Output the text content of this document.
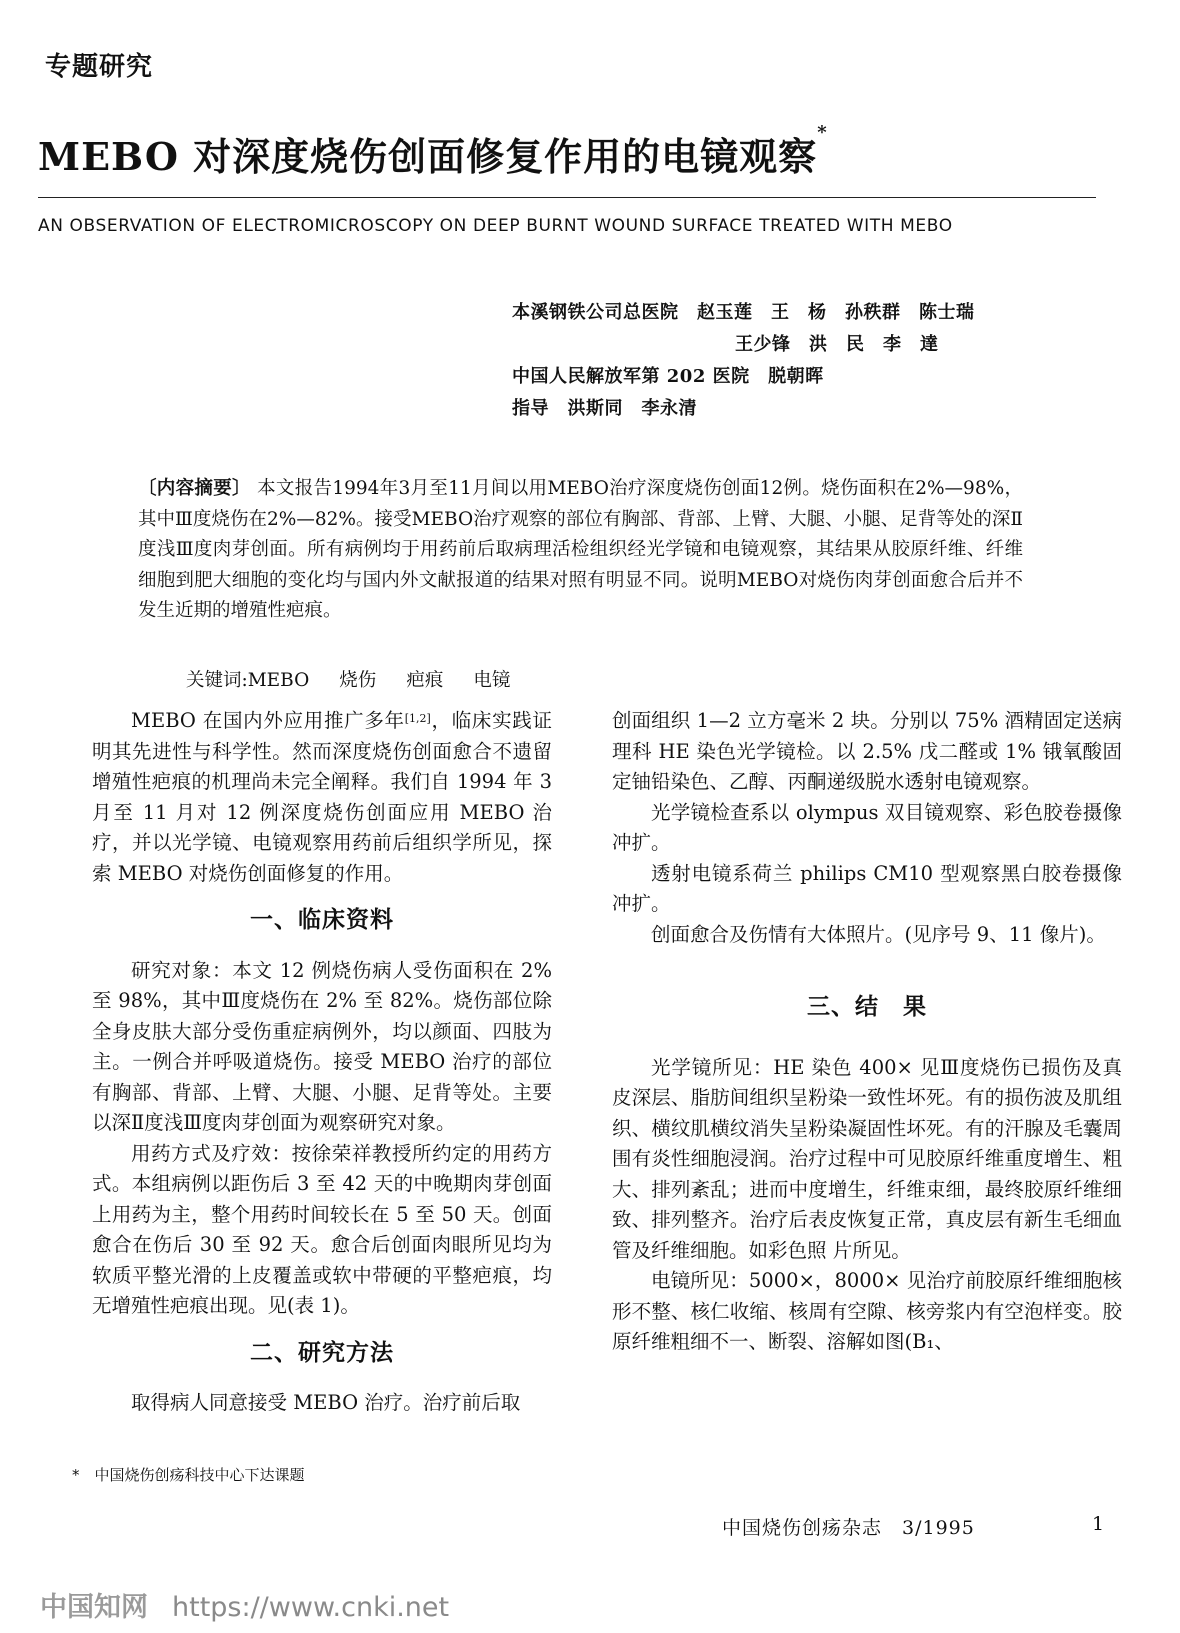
专题研究
MEBO 对深度烧伤创面修复作用的电镜观察*
AN OBSERVATION OF ELECTROMICROSCOPY ON DEEP BURNT WOUND SURFACE TREATED WITH MEBO
本溪钢铁公司总医院　赵玉莲　王　杨　孙秩群　陈士瑞
王少锋　洪　民　李　達
中国人民解放军第 202 医院　脱朝晖
指导　洪斯同　李永清
〔内容摘要〕 本文报告1994年3月至11月间以用MEBO治疗深度烧伤创面12例。烧伤面积在2%—98%，其中Ⅲ度烧伤在2%—82%。接受MEBO治疗观察的部位有胸部、背部、上臂、大腿、小腿、足背等处的深Ⅱ度浅Ⅲ度肉芽创面。所有病例均于用药前后取病理活检组织经光学镜和电镜观察，其结果从胶原纤维、纤维细胞到肥大细胞的变化均与国内外文献报道的结果对照有明显不同。说明MEBO对烧伤肉芽创面愈合后并不发生近期的增殖性疤痕。
关键词:MEBO 烧伤 疤痕 电镜

MEBO 在国内外应用推广多年[1,2]，临床实践证明其先进性与科学性。然而深度烧伤创面愈合不遗留增殖性疤痕的机理尚未完全阐释。我们自 1994 年 3 月至 11 月对 12 例深度烧伤创面应用 MEBO 治疗，并以光学镜、电镜观察用药前后组织学所见，探索 MEBO 对烧伤创面修复的作用。

一、临床资料

研究对象：本文 12 例烧伤病人受伤面积在 2% 至 98%，其中Ⅲ度烧伤在 2% 至 82%。烧伤部位除全身皮肤大部分受伤重症病例外，均以颜面、四肢为主。一例合并呼吸道烧伤。接受 MEBO 治疗的部位有胸部、背部、上臂、大腿、小腿、足背等处。主要以深Ⅱ度浅Ⅲ度肉芽创面为观察研究对象。

用药方式及疗效：按徐荣祥教授所约定的用药方式。本组病例以距伤后 3 至 42 天的中晚期肉芽创面上用药为主，整个用药时间较长在 5 至 50 天。创面愈合在伤后 30 至 92 天。愈合后创面肉眼所见均为软质平整光滑的上皮覆盖或软中带硬的平整疤痕，均无增殖性疤痕出现。见(表 1)。

二、研究方法

取得病人同意接受 MEBO 治疗。治疗前后取

创面组织 1—2 立方毫米 2 块。分别以 75% 酒精固定送病理科 HE 染色光学镜检。以 2.5% 戊二醛或 1% 锇氧酸固定铀铅染色、乙醇、丙酮递级脱水透射电镜观察。

光学镜检查系以 olympus 双目镜观察、彩色胶卷摄像冲扩。

透射电镜系荷兰 philips CM10 型观察黑白胶卷摄像冲扩。

创面愈合及伤情有大体照片。(见序号 9、11 像片)。

三、结　果

光学镜所见：HE 染色 400× 见Ⅲ度烧伤已损伤及真皮深层、脂肪间组织呈粉染一致性坏死。有的损伤波及肌组织、横纹肌横纹消失呈粉染凝固性坏死。有的汗腺及毛囊周围有炎性细胞浸润。治疗过程中可见胶原纤维重度增生、粗大、排列紊乱；进而中度增生，纤维束细，最终胶原纤维细致、排列整齐。治疗后表皮恢复正常，真皮层有新生毛细血管及纤维细胞。如彩色照 片所见。

电镜所见：5000×，8000× 见治疗前胶原纤维细胞核形不整、核仁收缩、核周有空隙、核旁浆内有空泡样变。胶原纤维粗细不一、断裂、溶解如图(B₁、

*　中国烧伤创疡科技中心下达课题
中国烧伤创疡杂志　3/1995	1
中国知网 https://www.cnki.net
